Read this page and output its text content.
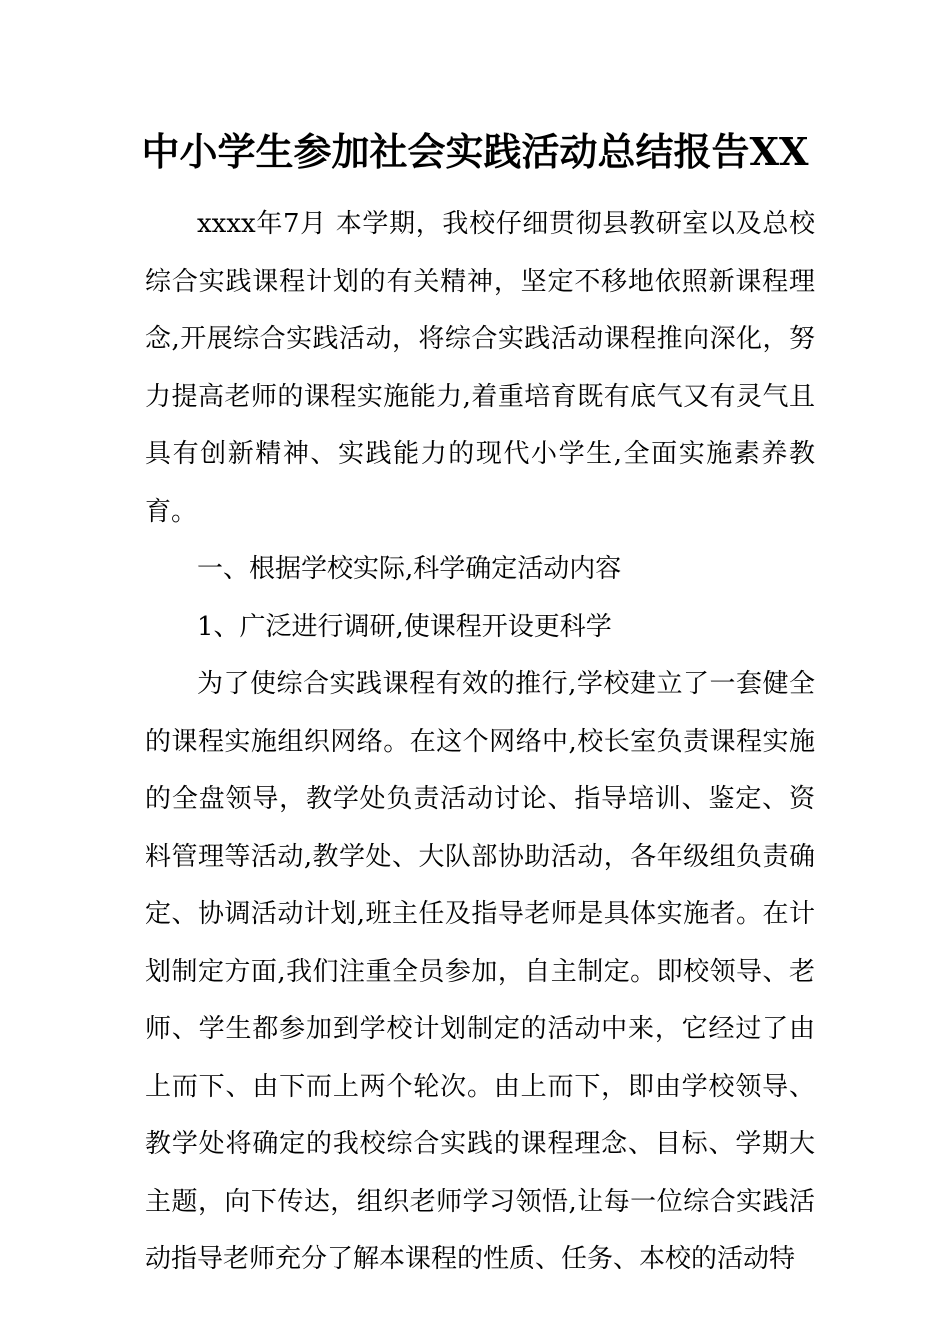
中小学生参加社会实践活动总结报告XX

xxxx年7月 本学期，我校仔细贯彻县教研室以及总校综合实践课程计划的有关精神，坚定不移地依照新课程理念,开展综合实践活动，将综合实践活动课程推向深化，努力提高老师的课程实施能力,着重培育既有底气又有灵气且具有创新精神、实践能力的现代小学生,全面实施素养教育。

一、根据学校实际,科学确定活动内容

1、广泛进行调研,使课程开设更科学

为了使综合实践课程有效的推行,学校建立了一套健全的课程实施组织网络。在这个网络中,校长室负责课程实施的全盘领导，教学处负责活动讨论、指导培训、鉴定、资料管理等活动,教学处、大队部协助活动，各年级组负责确定、协调活动计划,班主任及指导老师是具体实施者。在计划制定方面,我们注重全员参加，自主制定。即校领导、老师、学生都参加到学校计划制定的活动中来，它经过了由上而下、由下而上两个轮次。由上而下，即由学校领导、教学处将确定的我校综合实践的课程理念、目标、学期大主题，向下传达，组织老师学习领悟,让每一位综合实践活动指导老师充分了解本课程的性质、任务、本校的活动特
